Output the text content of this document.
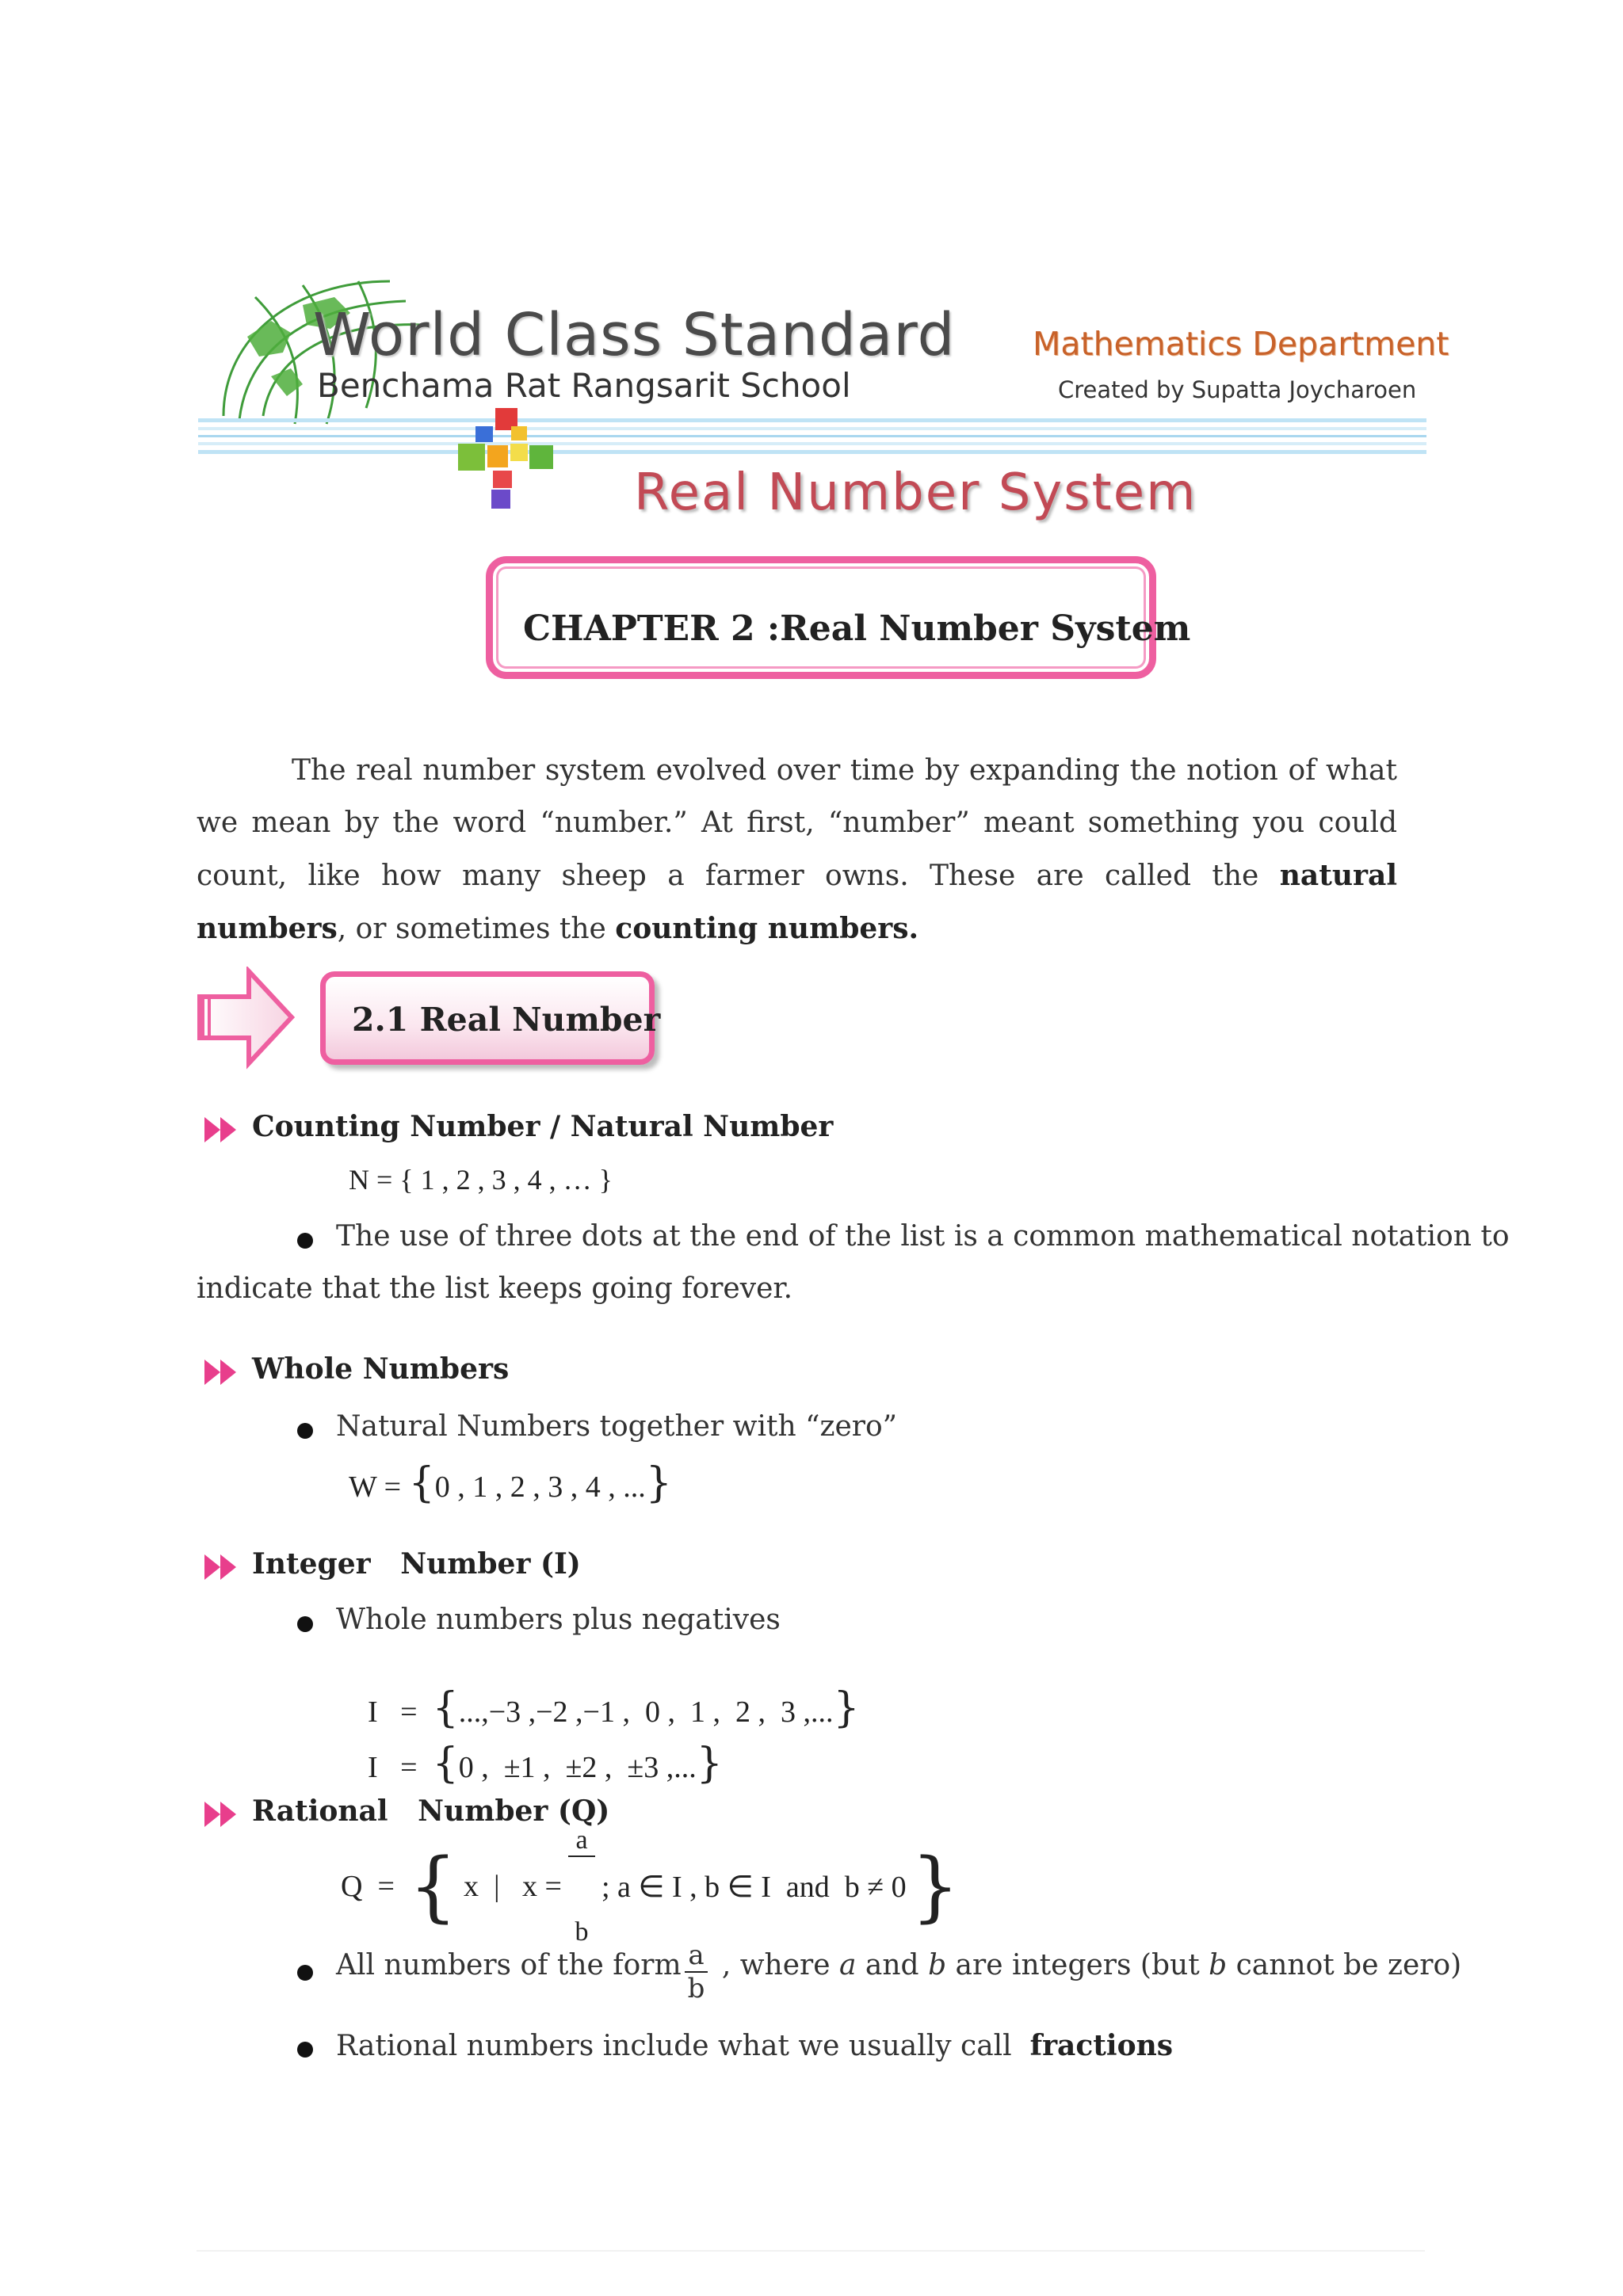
World Class Standard
Benchama Rat Rangsarit School
Mathematics Department
Created by Supatta Joycharoen
Real Number System
CHAPTER 2 :Real Number System
The real number system evolved over time by expanding the notion of what we mean by the word “number.” At first, “number” meant something you could count, like how many sheep a farmer owns. These are called the natural numbers, or sometimes the counting numbers.
2.1 Real Number
Counting Number / Natural Number
N = { 1 , 2 , 3 , 4 , … }
The use of three dots at the end of the list is a common mathematical notation to
indicate that the list keeps going forever.
Whole Numbers
Natural Numbers together with “zero”
W = {0 , 1 , 2 , 3 , 4 , ...}
Integer   Number (I)
Whole numbers plus negatives

I   = {...,−3 ,−2 ,−1 ,  0 ,  1 ,  2 ,  3 ,...}

I   = {0 ,  ±1 ,  ±2 ,  ±3 ,...}

Rational   Number (Q)
Q  = { x  |   x =

$\frac{a}{b}$

; a ∈ I , b ∈ I  and  b ≠ 0 }
All numbers of the form $\frac{a}{b}$ , where a and b are integers (but b cannot be zero)
Rational numbers include what we usually call  fractions
